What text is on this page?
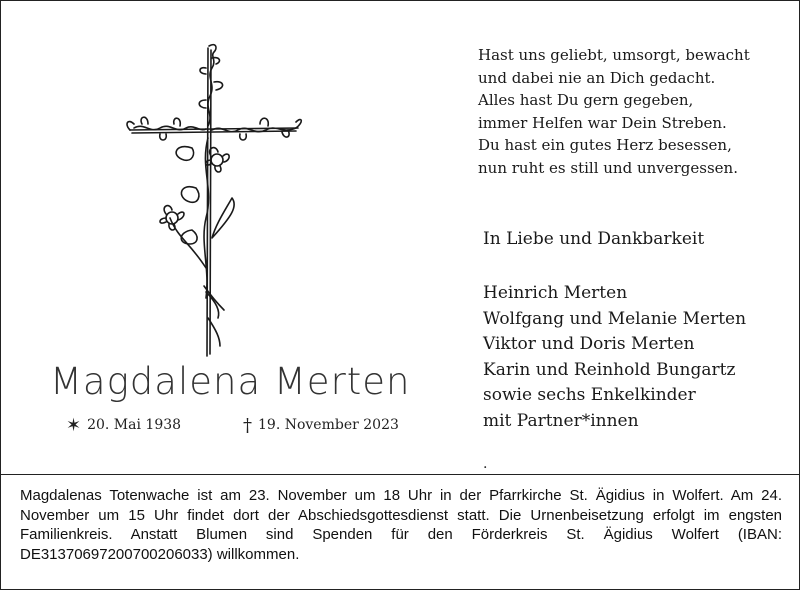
Magdalena Merten
✶ 20. Mai 1938	† 19. November 2023
Hast uns geliebt, umsorgt, bewacht
und dabei nie an Dich gedacht.
Alles hast Du gern gegeben,
immer Helfen war Dein Streben.
Du hast ein gutes Herz besessen,
nun ruht es still und unvergessen.
In Liebe und Dankbarkeit
Heinrich Merten
Wolfgang und Melanie Merten
Viktor und Doris Merten
Karin und Reinhold Bungartz
sowie sechs Enkelkinder
mit Partner*innen
.
Magdalenas Totenwache ist am 23. November um 18 Uhr in der Pfarrkirche St. Ägidius in Wolfert. Am 24. November um 15 Uhr findet dort der Abschiedsgottesdienst statt. Die Urnenbeisetzung erfolgt im engsten Familienkreis. Anstatt Blumen sind Spenden für den Förderkreis St. Ägidius Wolfert (IBAN: DE31370697200700206033) willkommen.
